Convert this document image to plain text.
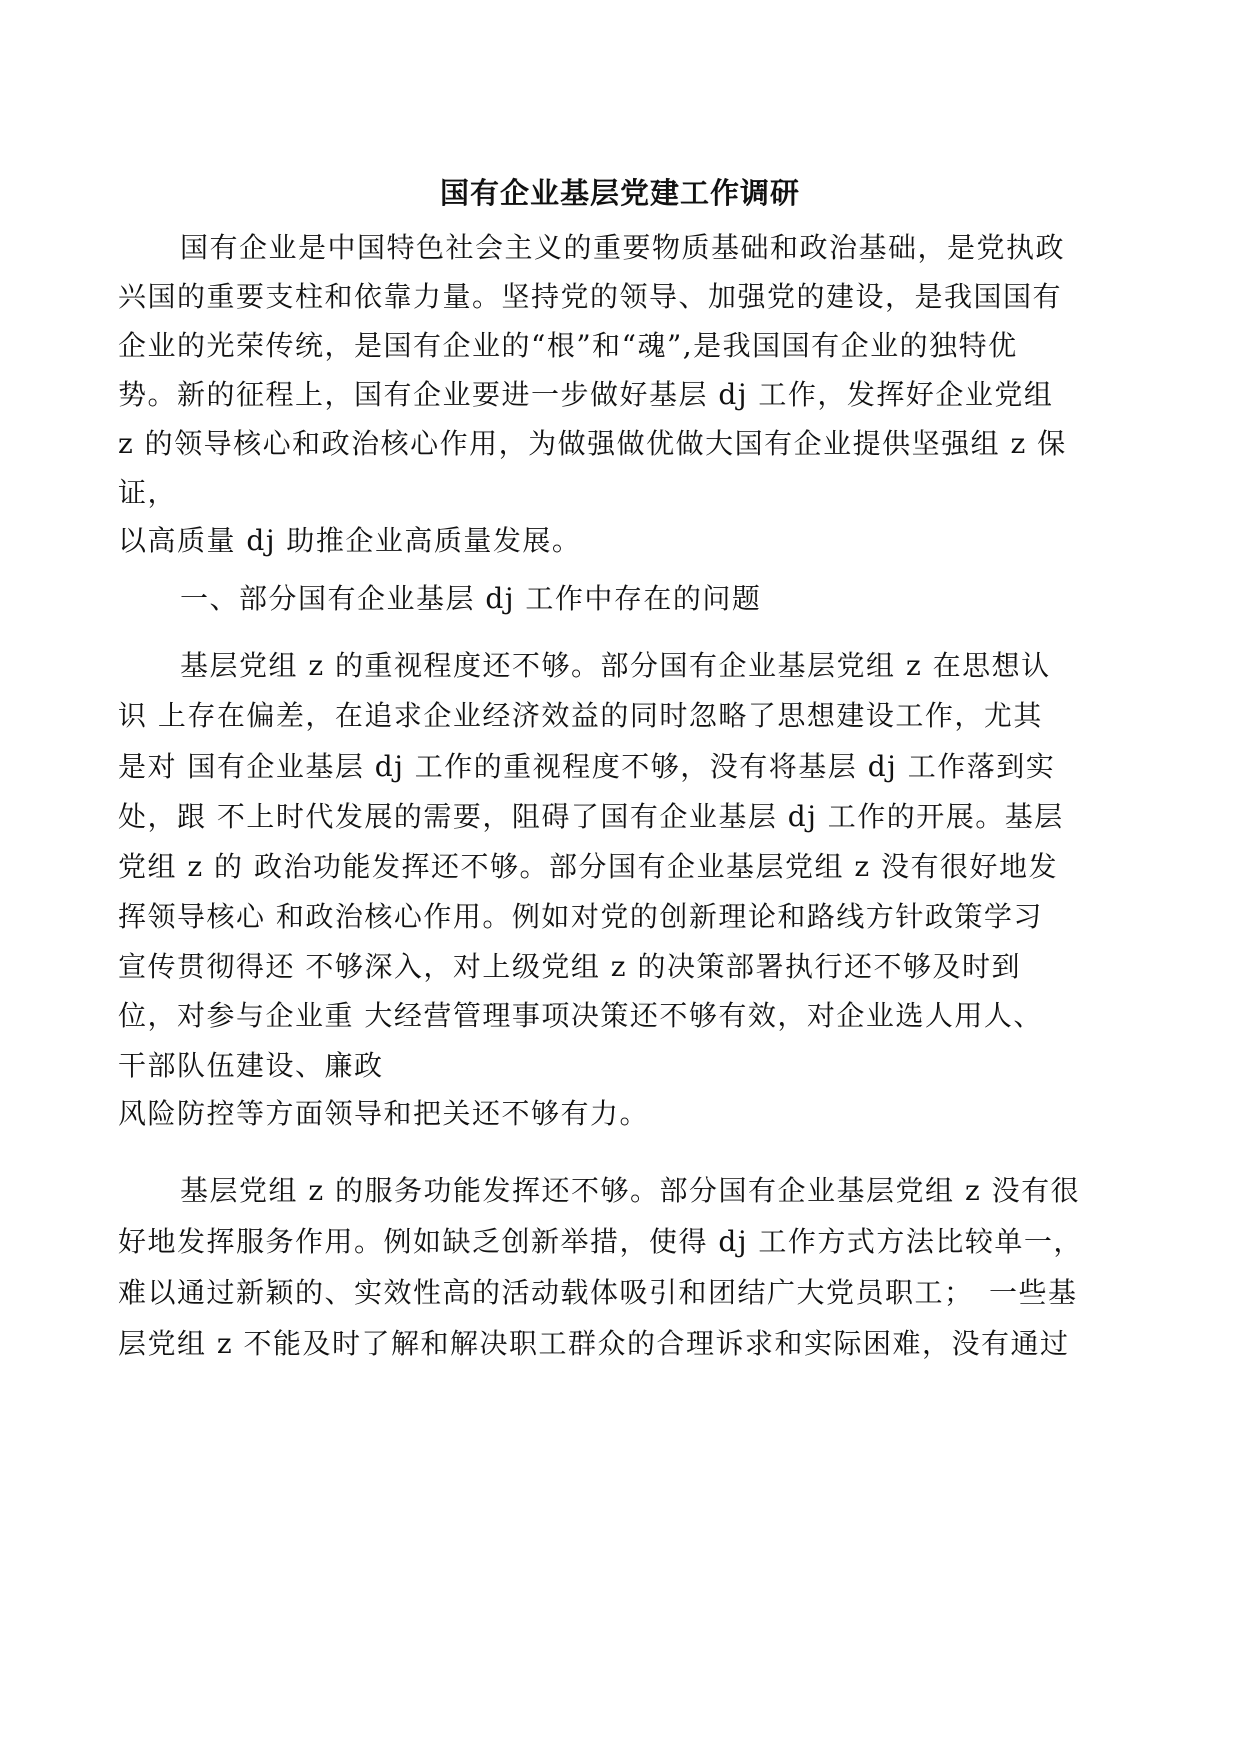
国有企业基层党建工作调研
国有企业是中国特色社会主义的重要物质基础和政治基础，是党执政
兴国的重要支柱和依靠力量。坚持党的领导、加强党的建设，是我国国有
企业的光荣传统，是国有企业的“根”和“魂”,是我国国有企业的独特优
势。新的征程上，国有企业要进一步做好基层 dj 工作，发挥好企业党组
z 的领导核心和政治核心作用，为做强做优做大国有企业提供坚强组 z 保
证，
以高质量 dj 助推企业高质量发展。
一、部分国有企业基层 dj 工作中存在的问题
基层党组 z 的重视程度还不够。部分国有企业基层党组 z 在思想认
识 上存在偏差，在追求企业经济效益的同时忽略了思想建设工作，尤其
是对 国有企业基层 dj 工作的重视程度不够，没有将基层 dj 工作落到实
处，跟 不上时代发展的需要，阻碍了国有企业基层 dj 工作的开展。基层
党组 z 的 政治功能发挥还不够。部分国有企业基层党组 z 没有很好地发
挥领导核心 和政治核心作用。例如对党的创新理论和路线方针政策学习
宣传贯彻得还 不够深入，对上级党组 z 的决策部署执行还不够及时到
位，对参与企业重 大经营管理事项决策还不够有效，对企业选人用人、
干部队伍建设、廉政
风险防控等方面领导和把关还不够有力。
基层党组 z 的服务功能发挥还不够。部分国有企业基层党组 z 没有很
好地发挥服务作用。例如缺乏创新举措，使得 dj 工作方式方法比较单一，
难以通过新颖的、实效性高的活动载体吸引和团结广大党员职工；　一些基
层党组 z 不能及时了解和解决职工群众的合理诉求和实际困难，没有通过
